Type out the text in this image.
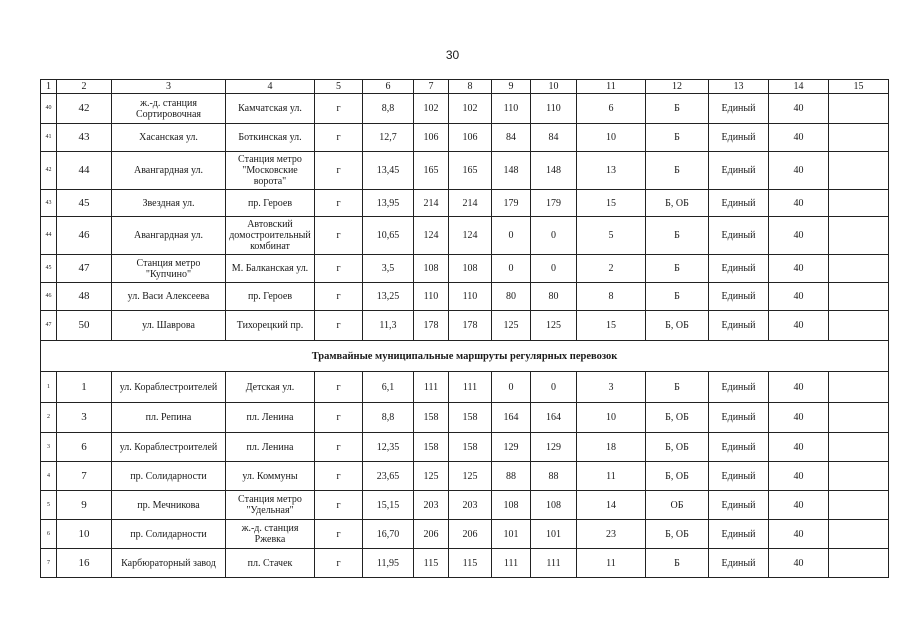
30
1	2	3	4	5	6	7	8	9	10	11	12	13	14	15
40	42	ж.-д. станция Сортировочная	Камчатская ул.	г	8,8	102	102	110	110	6	Б	Единый	40	
41	43	Хасанская ул.	Боткинская ул.	г	12,7	106	106	84	84	10	Б	Единый	40	
42	44	Авангардная ул.	Станция метро "Московские ворота"	г	13,45	165	165	148	148	13	Б	Единый	40	
43	45	Звездная ул.	пр. Героев	г	13,95	214	214	179	179	15	Б, ОБ	Единый	40	
44	46	Авангардная ул.	Автовский домостроительный комбинат	г	10,65	124	124	0	0	5	Б	Единый	40	
45	47	Станция метро "Купчино"	М. Балканская ул.	г	3,5	108	108	0	0	2	Б	Единый	40	
46	48	ул. Васи Алексеева	пр. Героев	г	13,25	110	110	80	80	8	Б	Единый	40	
47	50	ул. Шаврова	Тихорецкий пр.	г	11,3	178	178	125	125	15	Б, ОБ	Единый	40	
Трамвайные муниципальные маршруты регулярных перевозок														
1	1	ул. Кораблестроителей	Детская ул.	г	6,1	111	111	0	0	3	Б	Единый	40	
2	3	пл. Репина	пл. Ленина	г	8,8	158	158	164	164	10	Б, ОБ	Единый	40	
3	6	ул. Кораблестроителей	пл. Ленина	г	12,35	158	158	129	129	18	Б, ОБ	Единый	40	
4	7	пр. Солидарности	ул. Коммуны	г	23,65	125	125	88	88	11	Б, ОБ	Единый	40	
5	9	пр. Мечникова	Станция метро "Удельная"	г	15,15	203	203	108	108	14	ОБ	Единый	40	
6	10	пр. Солидарности	ж.-д. станция Ржевка	г	16,70	206	206	101	101	23	Б, ОБ	Единый	40	
7	16	Карбюраторный завод	пл. Стачек	г	11,95	115	115	111	111	11	Б	Единый	40	
